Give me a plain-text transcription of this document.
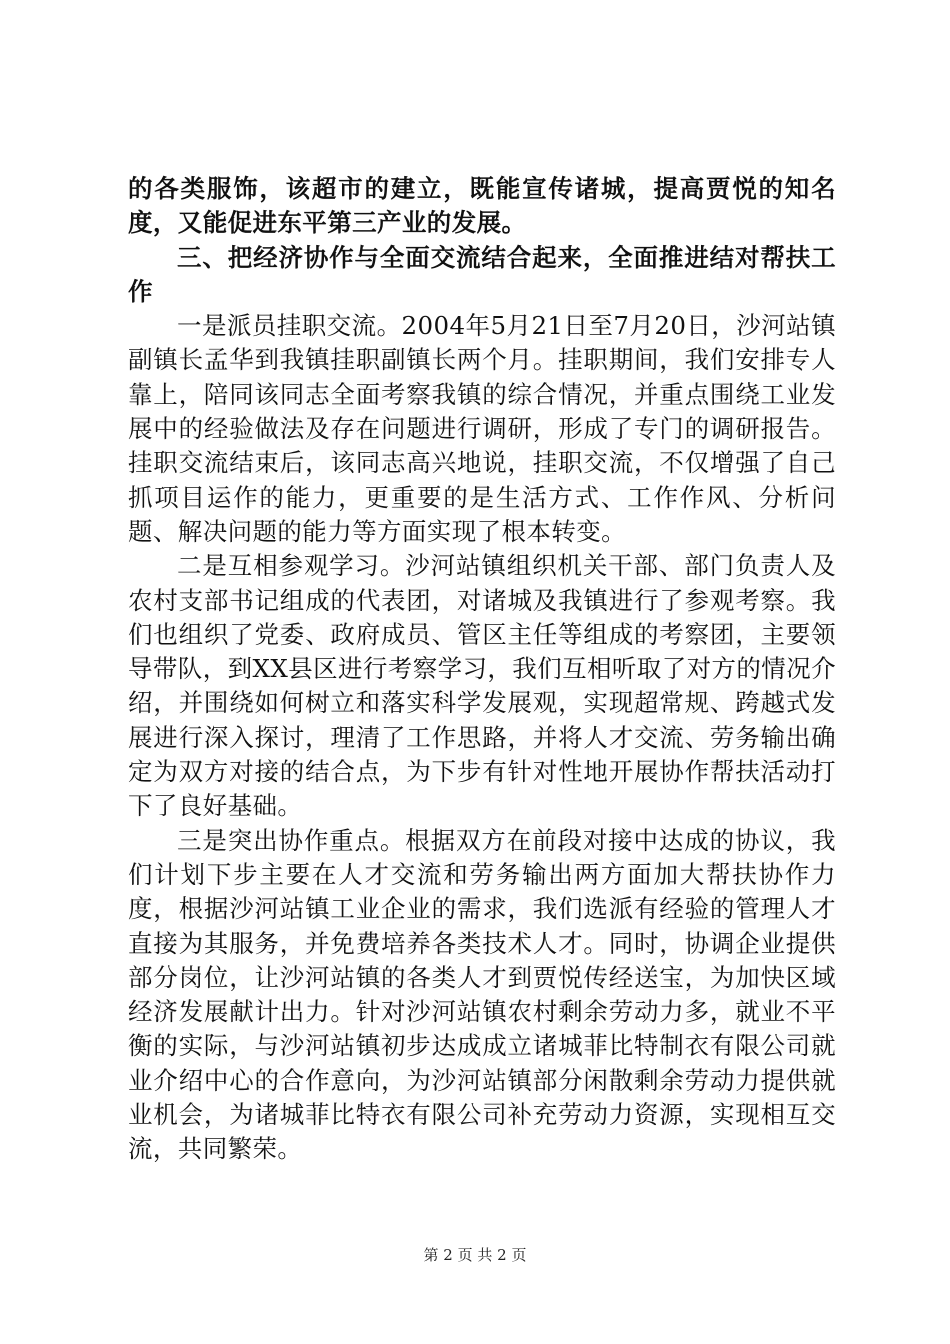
的各类服饰，该超市的建立，既能宣传诸城，提高贾悦的知名度，又能促进东平第三产业的发展。

三、把经济协作与全面交流结合起来，全面推进结对帮扶工作

一是派员挂职交流。2004年5月21日至7月20日，沙河站镇副镇长孟华到我镇挂职副镇长两个月。挂职期间，我们安排专人靠上，陪同该同志全面考察我镇的综合情况，并重点围绕工业发展中的经验做法及存在问题进行调研，形成了专门的调研报告。挂职交流结束后，该同志高兴地说，挂职交流，不仅增强了自己抓项目运作的能力，更重要的是生活方式、工作作风、分析问题、解决问题的能力等方面实现了根本转变。

二是互相参观学习。沙河站镇组织机关干部、部门负责人及农村支部书记组成的代表团，对诸城及我镇进行了参观考察。我们也组织了党委、政府成员、管区主任等组成的考察团，主要领导带队，到XX县区进行考察学习，我们互相听取了对方的情况介绍，并围绕如何树立和落实科学发展观，实现超常规、跨越式发展进行深入探讨，理清了工作思路，并将人才交流、劳务输出确定为双方对接的结合点，为下步有针对性地开展协作帮扶活动打下了良好基础。

三是突出协作重点。根据双方在前段对接中达成的协议，我们计划下步主要在人才交流和劳务输出两方面加大帮扶协作力度，根据沙河站镇工业企业的需求，我们选派有经验的管理人才直接为其服务，并免费培养各类技术人才。同时，协调企业提供部分岗位，让沙河站镇的各类人才到贾悦传经送宝，为加快区域经济发展献计出力。针对沙河站镇农村剩余劳动力多，就业不平衡的实际，与沙河站镇初步达成成立诸城菲比特制衣有限公司就业介绍中心的合作意向，为沙河站镇部分闲散剩余劳动力提供就业机会，为诸城菲比特衣有限公司补充劳动力资源，实现相互交流，共同繁荣。

第 2 页 共 2 页
